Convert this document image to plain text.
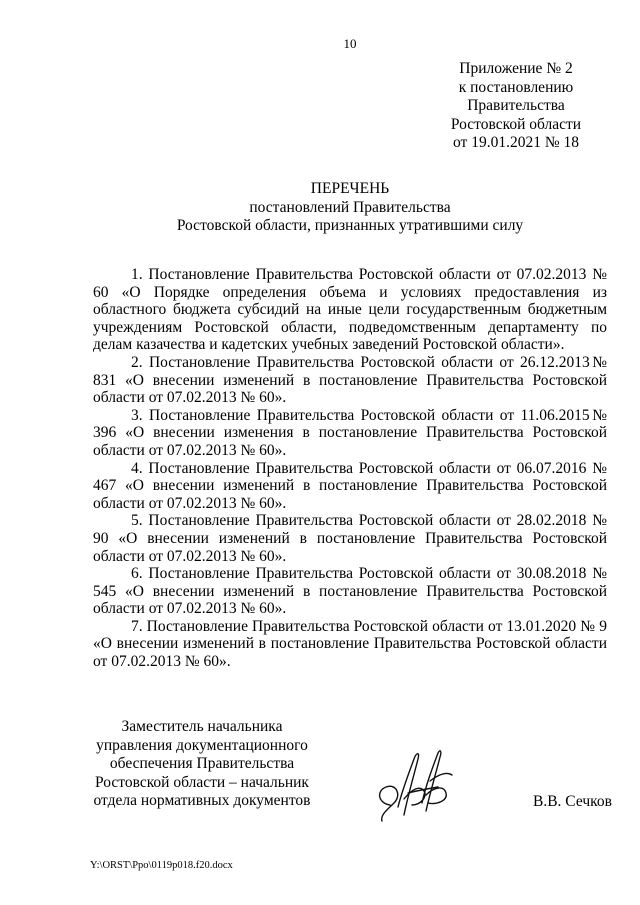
10
Приложение № 2
к постановлению
Правительства
Ростовской области
от 19.01.2021 № 18
ПЕРЕЧЕНЬ
постановлений Правительства
Ростовской области, признанных утратившими силу

1. Постановление Правительства Ростовской области от 07.02.2013 № 60 «О Порядке определения объема и условиях предоставления из областного бюджета субсидий на иные цели государственным бюджетным учреждениям Ростовской области, подведомственным департаменту по делам казачества и кадетских учебных заведений Ростовской области».

2. Постановление Правительства Ростовской области от 26.12.2013№ 831 «О внесении изменений в постановление Правительства Ростовской области от 07.02.2013 № 60».

3. Постановление Правительства Ростовской области от 11.06.2015№ 396 «О внесении изменения в постановление Правительства Ростовской области от 07.02.2013 № 60».

4. Постановление Правительства Ростовской области от 06.07.2016 № 467 «О внесении изменений в постановление Правительства Ростовской области от 07.02.2013 № 60».

5. Постановление Правительства Ростовской области от 28.02.2018 № 90 «О внесении изменений в постановление Правительства Ростовской области от 07.02.2013 № 60».

6. Постановление Правительства Ростовской области от 30.08.2018 № 545 «О внесении изменений в постановление Правительства Ростовской области от 07.02.2013 № 60».

7. Постановление Правительства Ростовской области от 13.01.2020 № 9 «О внесении изменений в постановление Правительства Ростовской области от 07.02.2013 № 60».

Заместитель начальника
управления документационного
обеспечения Правительства
Ростовской области – начальник
отдела нормативных документов	В.В. Сечков
Y:\ORST\Ppo\0119p018.f20.docx
